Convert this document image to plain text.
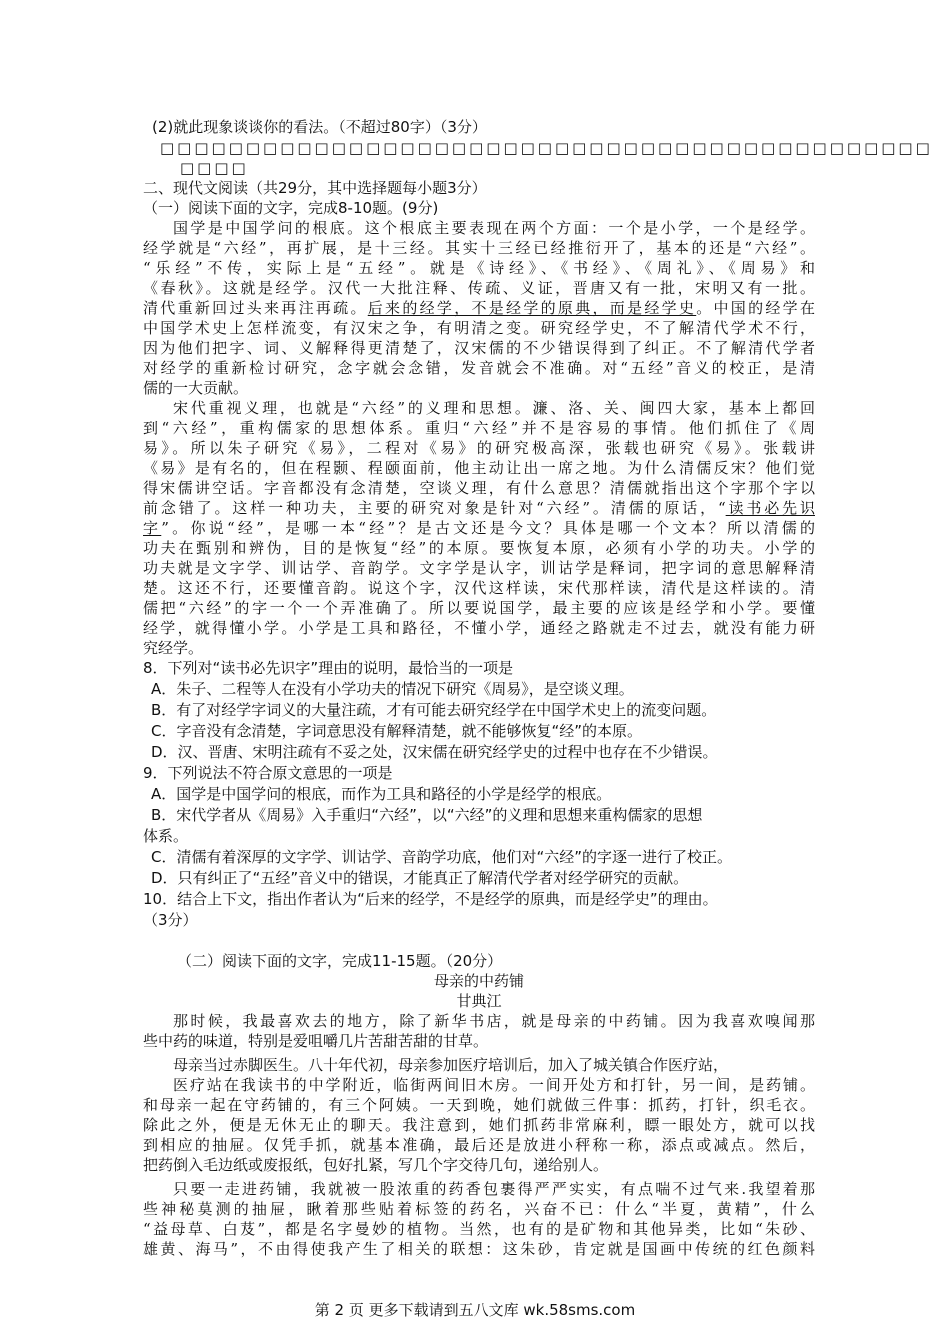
(2)就此现象谈谈你的看法。（不超过80字）（3分）
□□□□□□□□□□□□□□□□□□□□□□□□□□□□□□□□□□□□□□□□□□□□□
□□□□
二、现代文阅读（共29分，其中选择题每小题3分）
（一）阅读下面的文字，完成8-10题。(9分)
国学是中国学问的根底。这个根底主要表现在两个方面：一个是小学，一个是经学。
经学就是“六经”，再扩展，是十三经。其实十三经已经推衍开了，基本的还是“六经”。
“乐经”不传，实际上是“五经”。就是《诗经》、《书经》、《周礼》、《周易》和
《春秋》。这就是经学。汉代一大批注释、传疏、义证，晋唐又有一批，宋明又有一批。
清代重新回过头来再注再疏。后来的经学，不是经学的原典，而是经学史。中国的经学在
中国学术史上怎样流变，有汉宋之争，有明清之变。研究经学史，不了解清代学术不行，
因为他们把字、词、义解释得更清楚了，汉宋儒的不少错误得到了纠正。不了解清代学者
对经学的重新检讨研究，念字就会念错，发音就会不准确。对“五经”音义的校正，是清
儒的一大贡献。
宋代重视义理，也就是“六经”的义理和思想。濂、洛、关、闽四大家，基本上都回
到“六经”，重构儒家的思想体系。重归“六经”并不是容易的事情。他们抓住了《周
易》。所以朱子研究《易》，二程对《易》的研究极高深，张载也研究《易》。张载讲
《易》是有名的，但在程颢、程颐面前，他主动让出一席之地。为什么清儒反宋？他们觉
得宋儒讲空话。字音都没有念清楚，空谈义理，有什么意思？清儒就指出这个字那个字以
前念错了。这样一种功夫，主要的研究对象是针对“六经”。清儒的原话，“读书必先识
字”。你说“经”，是哪一本“经”？是古文还是今文？具体是哪一个文本？所以清儒的
功夫在甄别和辨伪，目的是恢复“经”的本原。要恢复本原，必须有小学的功夫。小学的
功夫就是文字学、训诂学、音韵学。文字学是认字，训诂学是释词，把字词的意思解释清
楚。这还不行，还要懂音韵。说这个字，汉代这样读，宋代那样读，清代是这样读的。清
儒把“六经”的字一个一个弄准确了。所以要说国学，最主要的应该是经学和小学。要懂
经学，就得懂小学。小学是工具和路径，不懂小学，通经之路就走不过去，就没有能力研
究经学。
8．下列对“读书必先识字”理由的说明，最恰当的一项是
A．朱子、二程等人在没有小学功夫的情况下研究《周易》，是空谈义理。
B．有了对经学字词义的大量注疏，才有可能去研究经学在中国学术史上的流变问题。
C．字音没有念清楚，字词意思没有解释清楚，就不能够恢复“经”的本原。
D．汉、晋唐、宋明注疏有不妥之处，汉宋儒在研究经学史的过程中也存在不少错误。
9．下列说法不符合原文意思的一项是
A．国学是中国学问的根底，而作为工具和路径的小学是经学的根底。
B．宋代学者从《周易》入手重归“六经”，以“六经”的义理和思想来重构儒家的思想
体系。
C．清儒有着深厚的文字学、训诂学、音韵学功底，他们对“六经”的字逐一进行了校正。
D．只有纠正了“五经”音义中的错误，才能真正了解清代学者对经学研究的贡献。
10．结合上下文，指出作者认为“后来的经学，不是经学的原典，而是经学史”的理由。
（3分）
（二）阅读下面的文字，完成11-15题。（20分）
母亲的中药铺
甘典江
那时候，我最喜欢去的地方，除了新华书店，就是母亲的中药铺。因为我喜欢嗅闻那
些中药的味道，特别是爱咀嚼几片苦甜苦甜的甘草。
母亲当过赤脚医生。八十年代初，母亲参加医疗培训后，加入了城关镇合作医疗站，
医疗站在我读书的中学附近，临街两间旧木房。一间开处方和打针，另一间，是药铺。
和母亲一起在守药铺的，有三个阿姨。一天到晚，她们就做三件事：抓药，打针，织毛衣。
除此之外，便是无休无止的聊天。我注意到，她们抓药非常麻利，瞟一眼处方，就可以找
到相应的抽屉。仅凭手抓，就基本准确，最后还是放进小秤称一称，添点或减点。然后，
把药倒入毛边纸或废报纸，包好扎紧，写几个字交待几句，递给别人。
只要一走进药铺，我就被一股浓重的药香包裹得严严实实，有点喘不过气来.我望着那
些神秘莫测的抽屉，瞅着那些贴着标签的药名，兴奋不已：什么“半夏，黄精”，什么
“益母草、白芨”，都是名字曼妙的植物。当然，也有的是矿物和其他异类，比如“朱砂、
雄黄、海马”，不由得使我产生了相关的联想：这朱砂，肯定就是国画中传统的红色颜料
第 2 页 更多下载请到五八文库 wk.58sms.com
